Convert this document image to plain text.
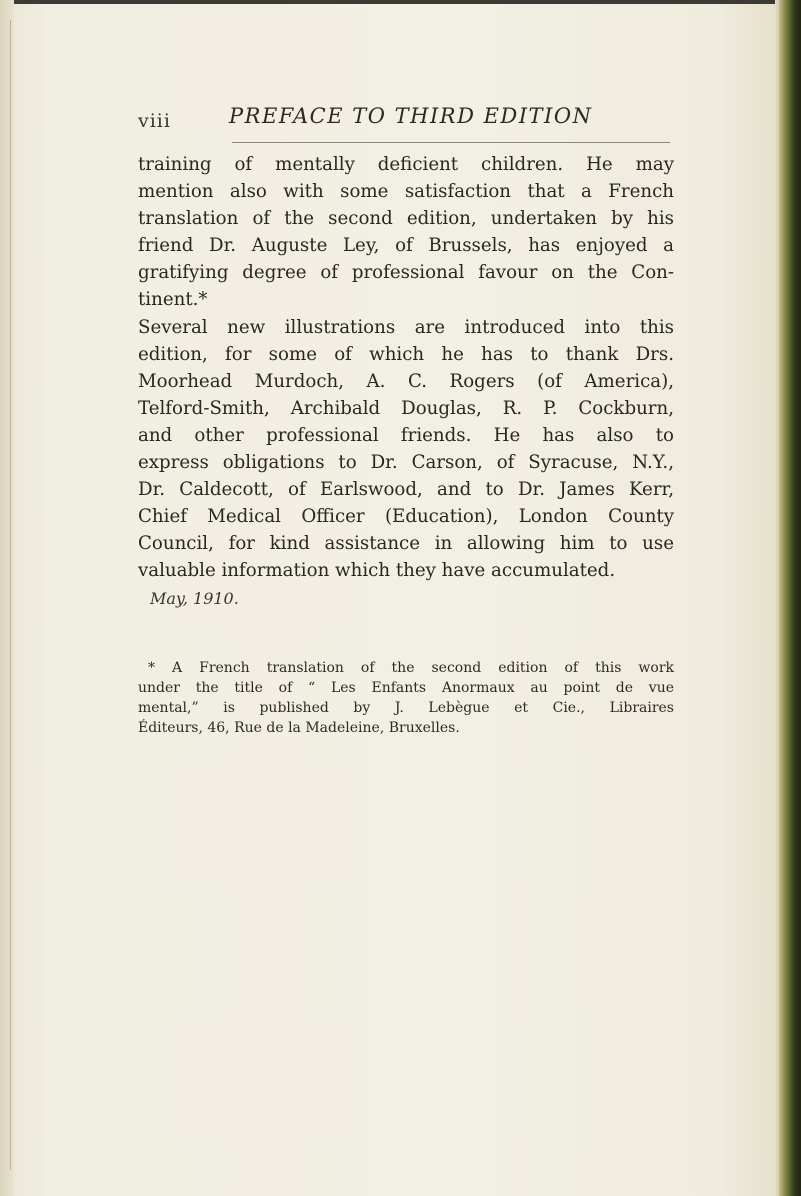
viii	PREFACE TO THIRD EDITION
training of mentally deficient children. He may
mention also with some satisfaction that a French
translation of the second edition, undertaken by his
friend Dr. Auguste Ley, of Brussels, has enjoyed a
gratifying degree of professional favour on the Con-
tinent.*
Several new illustrations are introduced into this
edition, for some of which he has to thank Drs.
Moorhead Murdoch, A. C. Rogers (of America),
Telford-Smith, Archibald Douglas, R. P. Cockburn,
and other professional friends. He has also to
express obligations to Dr. Carson, of Syracuse, N.Y.,
Dr. Caldecott, of Earlswood, and to Dr. James Kerr,
Chief Medical Officer (Education), London County
Council, for kind assistance in allowing him to use
valuable information which they have accumulated.
May, 1910.
* A French translation of the second edition of this work
under the title of “ Les Enfants Anormaux au point de vue
mental,” is published by J. Lebègue et Cie., Libraires
Éditeurs, 46, Rue de la Madeleine, Bruxelles.
